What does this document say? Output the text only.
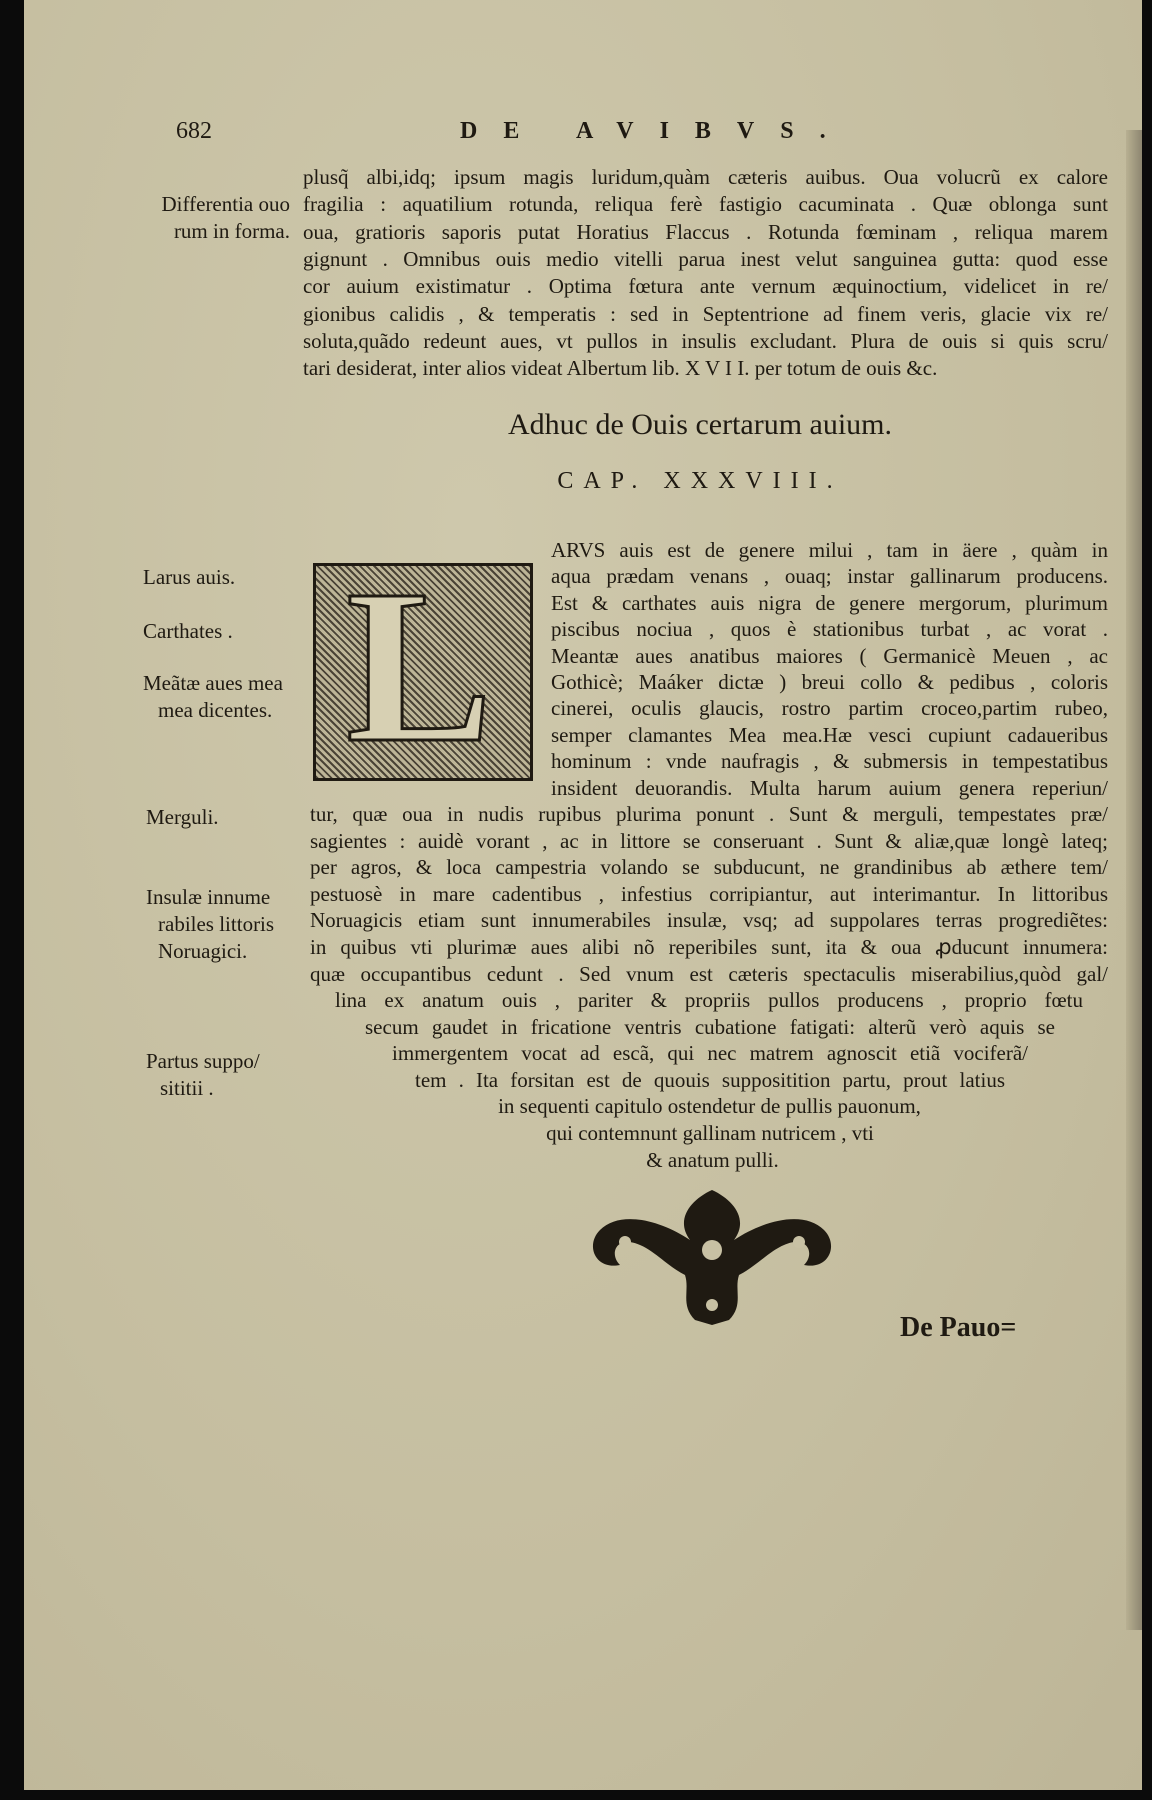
682	DE AVIBVS.
plusq̃ albi,idq; ipsum magis luridum,quàm cæteris auibus. Oua volucrũ ex calore
fragilia : aquatilium rotunda, reliqua ferè fastigio cacuminata . Quæ oblonga sunt
oua, gratioris saporis putat Horatius Flaccus . Rotunda fœminam , reliqua marem
gignunt . Omnibus ouis medio vitelli parua inest velut sanguinea gutta: quod esse
cor auium existimatur . Optima fœtura ante vernum æquinoctium, videlicet in re/
gionibus calidis , & temperatis : sed in Septentrione ad finem veris, glacie vix re/
soluta,quãdo redeunt aues, vt pullos in insulis excludant. Plura de ouis si quis scru/
tari desiderat, inter alios videat Albertum lib. X V I I. per totum de ouis &c.
Differentia ouo
rum in forma.
Larus auis.
Carthates .
Meãtæ aues mea
mea dicentes.
Merguli.
Insulæ innume
rabiles littoris
Noruagici.
Partus suppo/
sititii .
Adhuc de Ouis certarum auium.
CAP. XXXVIII.
L	ARVS auis est de genere milui , tam in äere , quàm in
aqua prædam venans , ouaq; instar gallinarum producens.
Est & carthates auis nigra de genere mergorum, plurimum
piscibus nociua , quos è stationibus turbat , ac vorat .
Meantæ aues anatibus maiores ( Germanicè Meuen , ac
Gothicè; Maáker dictæ ) breui collo & pedibus , coloris
cinerei, oculis glaucis, rostro partim croceo,partim rubeo,
semper clamantes Mea mea.Hæ vesci cupiunt cadaueribus
hominum : vnde naufragis , & submersis in tempestatibus
insident deuorandis. Multa harum auium genera reperiun/
tur, quæ oua in nudis rupibus plurima ponunt . Sunt & merguli, tempestates præ/
sagientes : auidè vorant , ac in littore se conseruant . Sunt & aliæ,quæ longè lateq;
per agros, & loca campestria volando se subducunt, ne grandinibus ab æthere tem/
pestuosè in mare cadentibus , infestius corripiantur, aut interimantur. In littoribus
Noruagicis etiam sunt innumerabiles insulæ, vsq; ad suppolares terras progrediẽtes:
in quibus vti plurimæ aues alibi nõ reperibiles sunt, ita & oua ꝓducunt innumera:
quæ occupantibus cedunt . Sed vnum est cæteris spectaculis miserabilius,quòd gal/
lina ex anatum ouis , pariter & propriis pullos producens , proprio fœtu
secum gaudet in fricatione ventris cubatione fatigati: alterũ verò aquis se
immergentem vocat ad escã, qui nec matrem agnoscit etiã vociferã/
tem . Ita forsitan est de quouis suppositition partu, prout latius
in sequenti capitulo ostendetur de pullis pauonum,
qui contemnunt gallinam nutricem , vti
& anatum pulli.
De Pauo=
